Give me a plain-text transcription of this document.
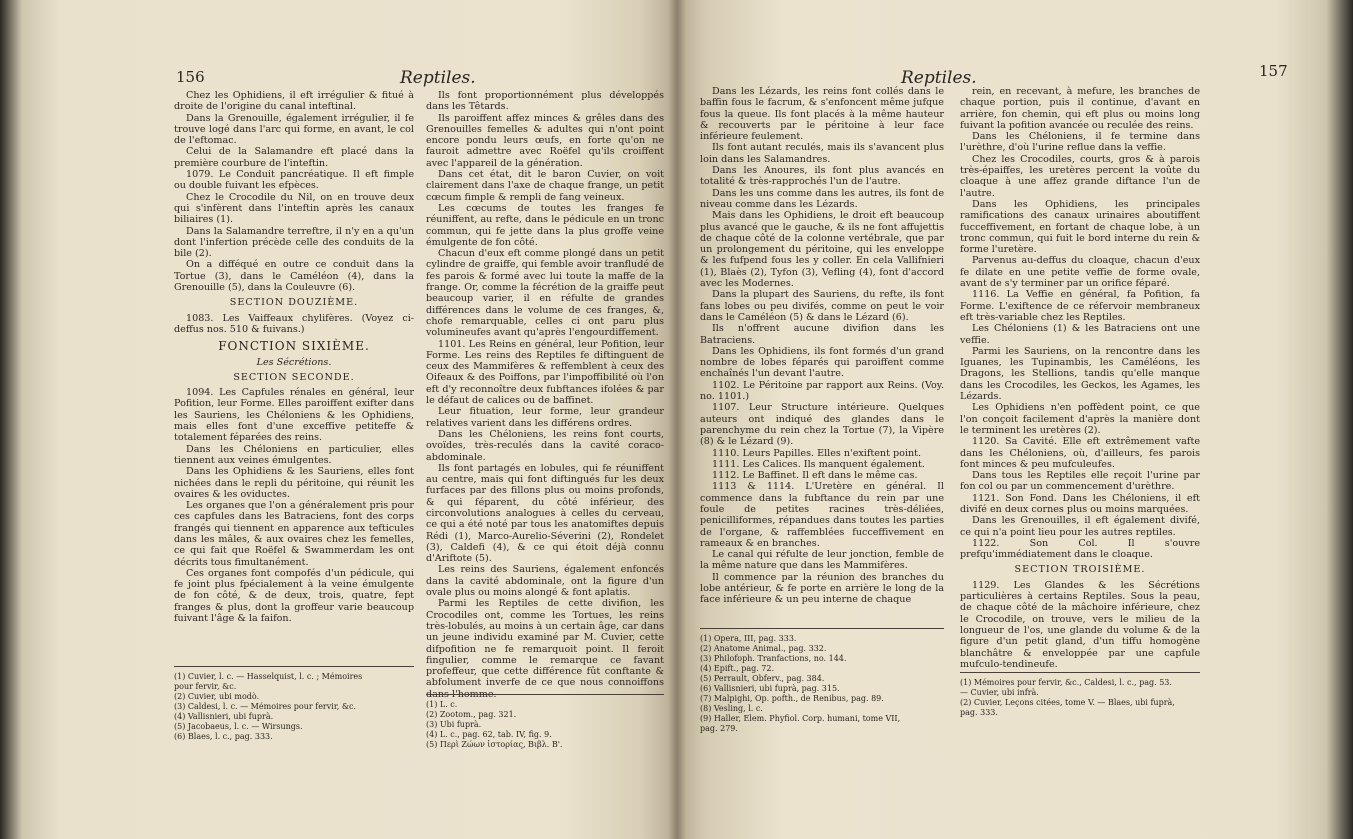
156	Reptiles.

Chez les Ophidiens, il eft irrégulier & fitué à droite de l'origine du canal inteftinal.

Dans la Grenouille, également irrégulier, il fe trouve logé dans l'arc qui forme, en avant, le col de l'eftomac.

Celui de la Salamandre eft placé dans la première courbure de l'inteftin.

1079. Le Conduit pancréatique. Il eft fimple ou double fuivant les efpèces.

Chez le Crocodile du Nil, on en trouve deux qui s'infèrent dans l'inteftin après les canaux biliaires (1).

Dans la Salamandre terreftre, il n'y en a qu'un dont l'infertion précède celle des conduits de la bile (2).

On a difféqué en outre ce conduit dans la Tortue (3), dans le Caméléon (4), dans la Grenouille (5), dans la Couleuvre (6).

SECTION DOUZIÈME.

1083. Les Vaiffeaux chylifères. (Voyez ci-deffus nos. 510 & fuivans.)

FONCTION SIXIÈME.

Les Sécrétions.

SECTION SECONDE.

1094. Les Capfules rénales en général, leur Pofition, leur Forme. Elles paroiffent exifter dans les Sauriens, les Chéloniens & les Ophidiens, mais elles font d'une exceffive petiteffe & totalement féparées des reins.

Dans les Chéloniens en particulier, elles tiennent aux veines émulgentes.

Dans les Ophidiens & les Sauriens, elles font nichées dans le repli du péritoine, qui réunit les ovaires & les oviductes.

Les organes que l'on a généralement pris pour ces capfules dans les Batraciens, font des corps frangés qui tiennent en apparence aux tefticules dans les mâles, & aux ovaires chez les femelles, ce qui fait que Roëfel & Swammerdam les ont décrits tous fimultanément.

Ces organes font compofés d'un pédicule, qui fe joint plus fpécialement à la veine émulgente de fon côté, & de deux, trois, quatre, fept franges & plus, dont la groffeur varie beaucoup fuivant l'âge & la faifon.

Ils font proportionnément plus développés dans les Têtards.

Ils paroiffent affez minces & grêles dans des Grenouilles femelles & adultes qui n'ont point encore pondu leurs œufs, en forte qu'on ne fauroit admettre avec Roëfel qu'ils croiffent avec l'appareil de la génération.

Dans cet état, dit le baron Cuvier, on voit clairement dans l'axe de chaque frange, un petit cœcum fimple & rempli de fang veineux.

Les cœcums de toutes les franges fe réuniffent, au refte, dans le pédicule en un tronc commun, qui fe jette dans la plus groffe veine émulgente de fon côté.

Chacun d'eux eft comme plongé dans un petit cylindre de graiffe, qui femble avoir tranfludé de fes parois & formé avec lui toute la maffe de la frange. Or, comme la fécrétion de la graiffe peut beaucoup varier, il en réfulte de grandes différences dans le volume de ces franges, &, chofe remarquable, celles ci ont paru plus volumineufes avant qu'après l'engourdiffement.

1101. Les Reins en général, leur Pofition, leur Forme. Les reins des Reptiles fe diftinguent de ceux des Mammifères & reffemblent à ceux des Oifeaux & des Poiffons, par l'impoffibilité où l'on eft d'y reconnoître deux fubftances ifolées & par le défaut de calices ou de baffinet.

Leur fituation, leur forme, leur grandeur relatives varient dans les différens ordres.

Dans les Chéloniens, les reins font courts, ovoïdes, très-reculés dans la cavité coraco-abdominale.

Ils font partagés en lobules, qui fe réuniffent au centre, mais qui font diftingués fur les deux furfaces par des fillons plus ou moins profonds, & qui féparent, du côté inférieur, des circonvolutions analogues à celles du cerveau, ce qui a été noté par tous les anatomiftes depuis Rédi (1), Marco-Aurelio-Séverini (2), Rondelet (3), Caldefi (4), & ce qui étoit déjà connu d'Ariftote (5).

Les reins des Sauriens, également enfoncés dans la cavité abdominale, ont la figure d'un ovale plus ou moins alongé & font aplatis.

Parmi les Reptiles de cette divifion, les Crocodiles ont, comme les Tortues, les reins très-lobulés, au moins à un certain âge, car dans un jeune individu examiné par M. Cuvier, cette difpofition ne fe remarquoit point. Il feroit fingulier, comme le remarque ce favant profeffeur, que cette différence fût conftante & abfolument inverfe de ce que nous connoiffons dans l'homme.

(1) Cuvier, l. c. — Hasselquist, l. c. ; Mémoires
pour fervir, &c.
(2) Cuvier, ubi modò.
(3) Caldesi, l. c. — Mémoires pour fervir, &c.
(4) Vallisnieri, ubi fuprà.
(5) Jacobaeus, l. c. — Wirsungs.
(6) Blaes, l. c., pag. 333.
(1) L. c.
(2) Zootom., pag. 321.
(3) Ubi fuprà.
(4) L. c., pag. 62, tab. IV, fig. 9.
(5) Περὶ Ζώων ἱστορίας, Βιβλ. Β'.
Reptiles.	157

Dans les Lézards, les reins font collés dans le baffin fous le facrum, & s'enfoncent même jufque fous la queue. Ils font placés à la même hauteur & recouverts par le péritoine à leur face inférieure feulement.

Ils font autant reculés, mais ils s'avancent plus loin dans les Salamandres.

Dans les Anoures, ils font plus avancés en totalité & très-rapprochés l'un de l'autre.

Dans les uns comme dans les autres, ils font de niveau comme dans les Lézards.

Mais dans les Ophidiens, le droit eft beaucoup plus avancé que le gauche, & ils ne font affujettis de chaque côté de la colonne vertébrale, que par un prolongement du péritoine, qui les enveloppe & les fufpend fous les y coller. En cela Vallifnieri (1), Blaès (2), Tyfon (3), Vefling (4), font d'accord avec les Modernes.

Dans la plupart des Sauriens, du refte, ils font fans lobes ou peu divifés, comme on peut le voir dans le Caméléon (5) & dans le Lézard (6).

Ils n'offrent aucune divifion dans les Batraciens.

Dans les Ophidiens, ils font formés d'un grand nombre de lobes féparés qui paroiffent comme enchaînés l'un devant l'autre.

1102. Le Péritoine par rapport aux Reins. (Voy. no. 1101.)

1107. Leur Structure intérieure. Quelques auteurs ont indiqué des glandes dans le parenchyme du rein chez la Tortue (7), la Vipère (8) & le Lézard (9).

1110. Leurs Papilles. Elles n'exiftent point.

1111. Les Calices. Ils manquent également.

1112. Le Baffinet. Il eft dans le même cas.

1113 & 1114. L'Uretère en général. Il commence dans la fubftance du rein par une foule de petites racines très-déliées, penicilliformes, répandues dans toutes les parties de l'organe, & raffemblées fucceffivement en rameaux & en branches.

Le canal qui réfulte de leur jonction, femble de la même nature que dans les Mammifères.

Il commence par la réunion des branches du lobe antérieur, & fe porte en arrière le long de la face inférieure & un peu interne de chaque

rein, en recevant, à mefure, les branches de chaque portion, puis il continue, d'avant en arrière, fon chemin, qui eft plus ou moins long fuivant la pofition avancée ou reculée des reins.

Dans les Chéloniens, il fe termine dans l'urèthre, d'où l'urine reflue dans la veffie.

Chez les Crocodiles, courts, gros & à parois très-épaiffes, les uretères percent la voûte du cloaque à une affez grande diftance l'un de l'autre.

Dans les Ophidiens, les principales ramifications des canaux urinaires aboutiffent fucceffivement, en fortant de chaque lobe, à un tronc commun, qui fuit le bord interne du rein & forme l'uretère.

Parvenus au-deffus du cloaque, chacun d'eux fe dilate en une petite veffie de forme ovale, avant de s'y terminer par un orifice féparé.

1116. La Veffie en général, fa Pofition, fa Forme. L'exiftence de ce réfervoir membraneux eft très-variable chez les Reptiles.

Les Chéloniens (1) & les Batraciens ont une veffie.

Parmi les Sauriens, on la rencontre dans les Iguanes, les Tupinambis, les Caméléons, les Dragons, les Stellions, tandis qu'elle manque dans les Crocodiles, les Geckos, les Agames, les Lézards.

Les Ophidiens n'en poffèdent point, ce que l'on conçoit facilement d'après la manière dont le terminent les uretères (2).

1120. Sa Cavité. Elle eft extrêmement vafte dans les Chéloniens, où, d'ailleurs, fes parois font minces & peu mufculeufes.

Dans tous les Reptiles elle reçoit l'urine par fon col ou par un commencement d'urèthre.

1121. Son Fond. Dans les Chéloniens, il eft divifé en deux cornes plus ou moins marquées.

Dans les Grenouilles, il eft également divifé, ce qui n'a point lieu pour les autres reptiles.

1122. Son Col. Il s'ouvre prefqu'immédiatement dans le cloaque.

SECTION TROISIÈME.

1129. Les Glandes & les Sécrétions particulières à certains Reptiles. Sous la peau, de chaque côté de la mâchoire inférieure, chez le Crocodile, on trouve, vers le milieu de la longueur de l'os, une glande du volume & de la figure d'un petit gland, d'un tiffu homogène blanchâtre & enveloppée par une capfule mufculo-tendineufe.

(1) Opera, III, pag. 333.
(2) Anatome Animal., pag. 332.
(3) Philofoph. Tranfactions, no. 144.
(4) Epift., pag. 72.
(5) Perrault, Obferv., pag. 384.
(6) Vallisnieri, ubi fuprà, pag. 315.
(7) Malpighi, Op. pofth., de Renibus, pag. 89.
(8) Vesling, l. c.
(9) Haller, Elem. Phyfiol. Corp. humani, tome VII,
pag. 279.
(1) Mémoires pour fervir, &c., Caldesi, l. c., pag. 53.
— Cuvier, ubi infrà.
(2) Cuvier, Leçons citées, tome V. — Blaes, ubi fuprà,
pag. 333.
